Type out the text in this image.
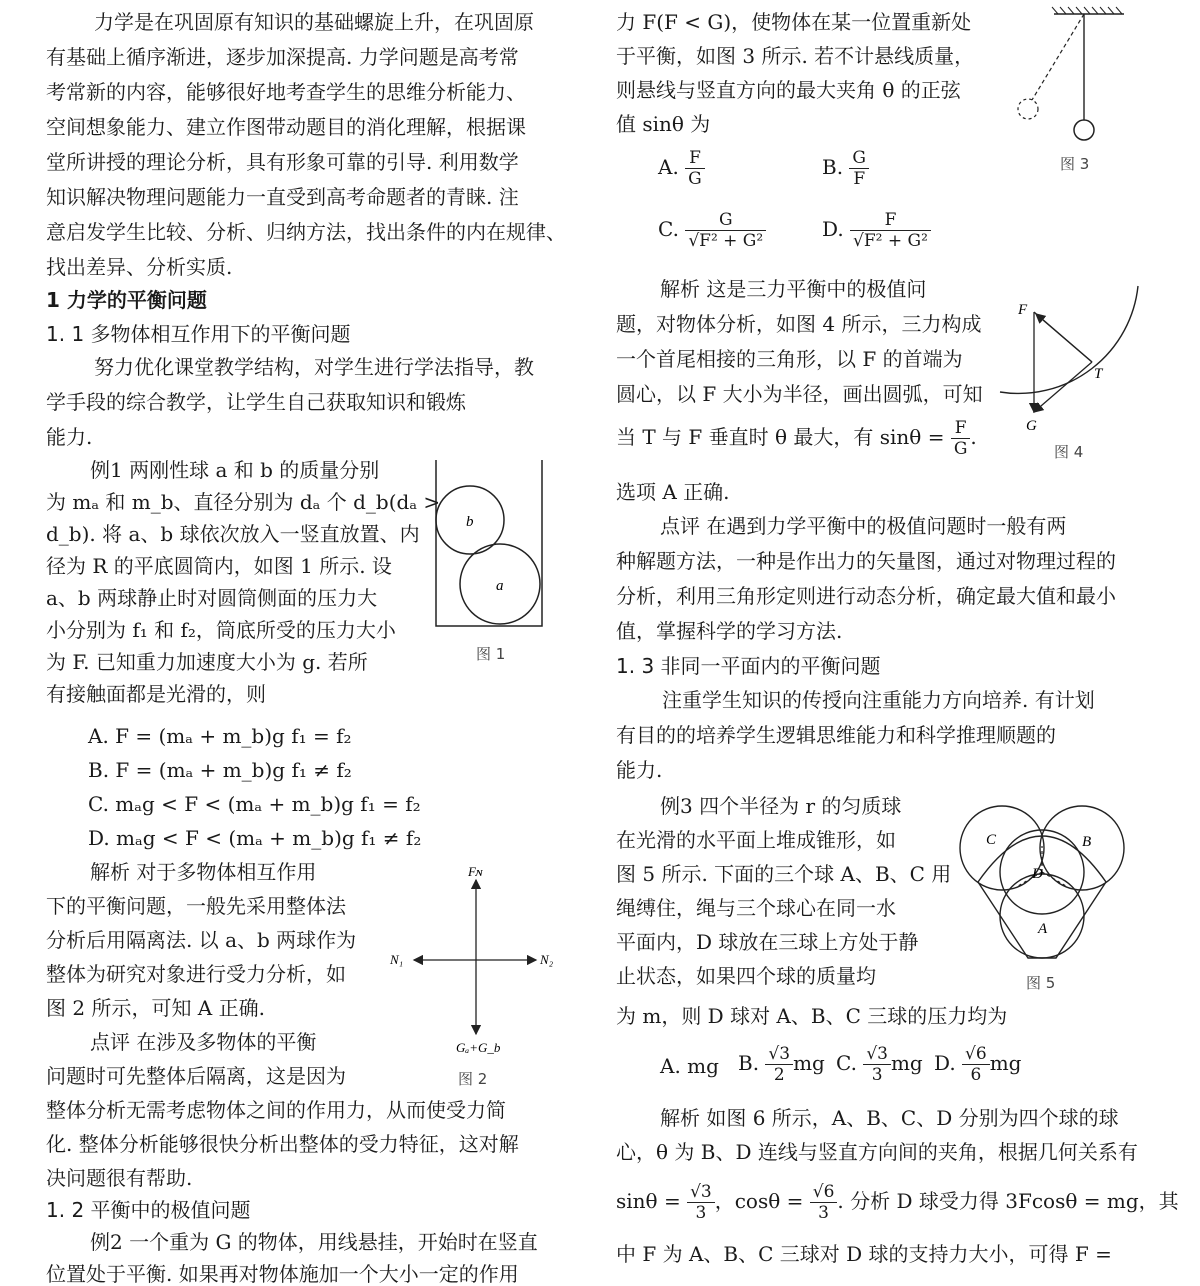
力学是在巩固原有知识的基础螺旋上升，在巩固原
有基础上循序渐进，逐步加深提高. 力学问题是高考常
考常新的内容，能够很好地考查学生的思维分析能力、
空间想象能力、建立作图带动题目的消化理解，根据课
堂所讲授的理论分析，具有形象可靠的引导. 利用数学
知识解决物理问题能力一直受到高考命题者的青睐. 注
意启发学生比较、分析、归纳方法，找出条件的内在规律、
找出差异、分析实质.
1 力学的平衡问题
1. 1 多物体相互作用下的平衡问题
努力优化课堂教学结构，对学生进行学法指导，教
学手段的综合教学，让学生自己获取知识和锻炼
能力.
例1 两刚性球 a 和 b 的质量分别
为 mₐ 和 m_b、直径分别为 dₐ 个 d_b(dₐ >
d_b). 将 a、b 球依次放入一竖直放置、内
径为 R 的平底圆筒内，如图 1 所示. 设
a、b 两球静止时对圆筒侧面的压力大
小分别为 f₁ 和 f₂，筒底所受的压力大小
为 F. 已知重力加速度大小为 g. 若所
有接触面都是光滑的，则
A. F = (mₐ + m_b)g f₁ = f₂
B. F = (mₐ + m_b)g f₁ ≠ f₂
C. mₐg < F < (mₐ + m_b)g f₁ = f₂
D. mₐg < F < (mₐ + m_b)g f₁ ≠ f₂
解析 对于多物体相互作用
下的平衡问题，一般先采用整体法
分析后用隔离法. 以 a、b 两球作为
整体为研究对象进行受力分析，如
图 2 所示，可知 A 正确.
点评 在涉及多物体的平衡
问题时可先整体后隔离，这是因为
整体分析无需考虑物体之间的作用力，从而使受力简
化. 整体分析能够很快分析出整体的受力特征，这对解
决问题很有帮助.
1. 2 平衡中的极值问题
例2 一个重为 G 的物体，用线悬挂，开始时在竖直
位置处于平衡. 如果再对物体施加一个大小一定的作用
b
a
图 1
Fɴ
N₁	N₂
Gₐ+G_b
图 2
力 F(F < G)，使物体在某一位置重新处
于平衡，如图 3 所示. 若不计悬线质量，
则悬线与竖直方向的最大夹角 θ 的正弦
值 sinθ 为
A. $\frac{F}{G}$	B. $\frac{G}{F}$
C. $\frac{G}{\text{√F² + G²}}$	D. $\frac{F}{\text{√F² + G²}}$
解析 这是三力平衡中的极值问
题，对物体分析，如图 4 所示，三力构成
一个首尾相接的三角形，以 F 的首端为
圆心，以 F 大小为半径，画出圆弧，可知
当 T 与 F 垂直时 θ 最大，有 $\sin\theta = \frac{F}{G}$ .
选项 A 正确.
点评 在遇到力学平衡中的极值问题时一般有两
种解题方法，一种是作出力的矢量图，通过对物理过程的
分析，利用三角形定则进行动态分析，确定最大值和最小
值，掌握科学的学习方法.
1. 3 非同一平面内的平衡问题
注重学生知识的传授向注重能力方向培养. 有计划
有目的的培养学生逻辑思维能力和科学推理顺题的
能力.
例3 四个半径为 r 的匀质球
在光滑的水平面上堆成锥形，如
图 5 所示. 下面的三个球 A、B、C 用
绳缚住，绳与三个球心在同一水
平面内，D 球放在三球上方处于静
止状态，如果四个球的质量均
为 m，则 D 球对 A、B、C 三球的压力均为
A. mg B. $\frac{√3}{2}$ mg C. $\frac{√3}{3}$ mg D. $\frac{√6}{6}$ mg
解析 如图 6 所示，A、B、C、D 分别为四个球的球
心，θ 为 B、D 连线与竖直方向间的夹角，根据几何关系有
$\sin\theta = \frac{√3}{3}$ ，$\cos\theta = \frac{√6}{3}$ . 分析 D 球受力得 3Fcosθ = mg，其
中 F 为 A、B、C 三球对 D 球的支持力大小，可得 F =
图 3
F
T
G
图 4
C	B
D
A
图 5
